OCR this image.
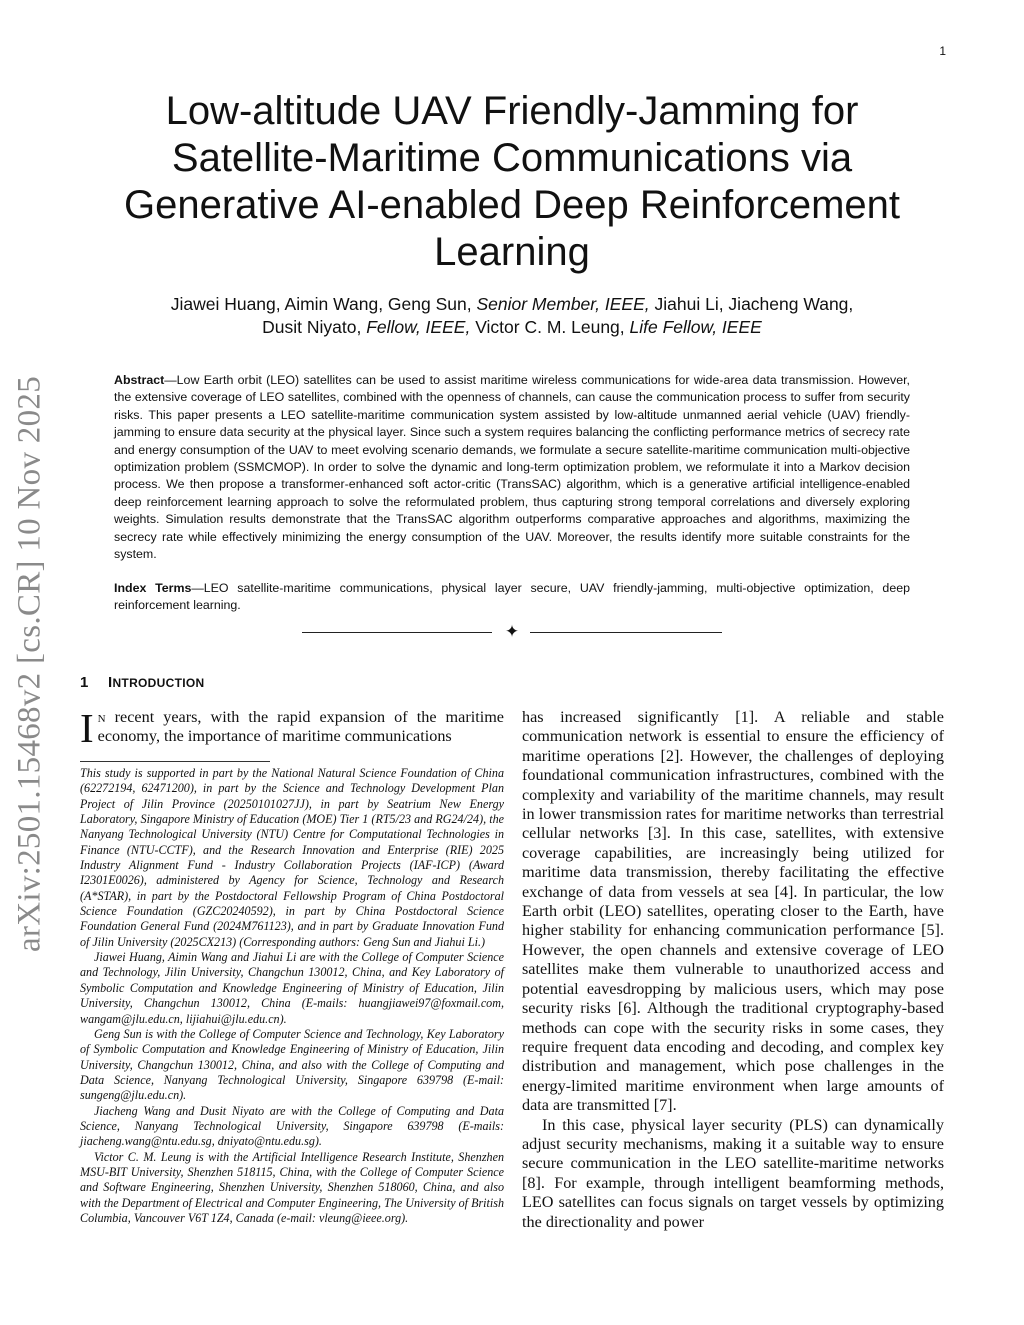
1
arXiv:2501.15468v2 [cs.CR] 10 Nov 2025
Low-altitude UAV Friendly-Jamming for
Satellite-Maritime Communications via
Generative AI-enabled Deep Reinforcement
Learning
Jiawei Huang, Aimin Wang, Geng Sun, Senior Member, IEEE, Jiahui Li, Jiacheng Wang,
Dusit Niyato, Fellow, IEEE, Victor C. M. Leung, Life Fellow, IEEE
Abstract—Low Earth orbit (LEO) satellites can be used to assist maritime wireless communications for wide-area data transmission. However, the extensive coverage of LEO satellites, combined with the openness of channels, can cause the communication process to suffer from security risks. This paper presents a LEO satellite-maritime communication system assisted by low-altitude unmanned aerial vehicle (UAV) friendly-jamming to ensure data security at the physical layer. Since such a system requires balancing the conflicting performance metrics of secrecy rate and energy consumption of the UAV to meet evolving scenario demands, we formulate a secure satellite-maritime communication multi-objective optimization problem (SSMCMOP). In order to solve the dynamic and long-term optimization problem, we reformulate it into a Markov decision process. We then propose a transformer-enhanced soft actor-critic (TransSAC) algorithm, which is a generative artificial intelligence-enabled deep reinforcement learning approach to solve the reformulated problem, thus capturing strong temporal correlations and diversely exploring weights. Simulation results demonstrate that the TransSAC algorithm outperforms comparative approaches and algorithms, maximizing the secrecy rate while effectively minimizing the energy consumption of the UAV. Moreover, the results identify more suitable constraints for the system.
Index Terms—LEO satellite-maritime communications, physical layer secure, UAV friendly-jamming, multi-objective optimization, deep reinforcement learning.
✦
1 INTRODUCTION
In recent years, with the rapid expansion of the maritime economy, the importance of maritime communications

This study is supported in part by the National Natural Science Foundation of China (62272194, 62471200), in part by the Science and Technology Development Plan Project of Jilin Province (20250101027JJ), in part by Seatrium New Energy Laboratory, Singapore Ministry of Education (MOE) Tier 1 (RT5/23 and RG24/24), the Nanyang Technological University (NTU) Centre for Computational Technologies in Finance (NTU-CCTF), and the Research Innovation and Enterprise (RIE) 2025 Industry Alignment Fund - Industry Collaboration Projects (IAF-ICP) (Award I2301E0026), administered by Agency for Science, Technology and Research (A*STAR), in part by the Postdoctoral Fellowship Program of China Postdoctoral Science Foundation (GZC20240592), in part by China Postdoctoral Science Foundation General Fund (2024M761123), and in part by Graduate Innovation Fund of Jilin University (2025CX213) (Corresponding authors: Geng Sun and Jiahui Li.)

Jiawei Huang, Aimin Wang and Jiahui Li are with the College of Computer Science and Technology, Jilin University, Changchun 130012, China, and Key Laboratory of Symbolic Computation and Knowledge Engineering of Ministry of Education, Jilin University, Changchun 130012, China (E-mails: huangjiawei97@foxmail.com, wangam@jlu.edu.cn, lijiahui@jlu.edu.cn).

Geng Sun is with the College of Computer Science and Technology, Key Laboratory of Symbolic Computation and Knowledge Engineering of Ministry of Education, Jilin University, Changchun 130012, China, and also with the College of Computing and Data Science, Nanyang Technological University, Singapore 639798 (E-mail: sungeng@jlu.edu.cn).

Jiacheng Wang and Dusit Niyato are with the College of Computing and Data Science, Nanyang Technological University, Singapore 639798 (E-mails: jiacheng.wang@ntu.edu.sg, dniyato@ntu.edu.sg).

Victor C. M. Leung is with the Artificial Intelligence Research Institute, Shenzhen MSU-BIT University, Shenzhen 518115, China, with the College of Computer Science and Software Engineering, Shenzhen University, Shenzhen 518060, China, and also with the Department of Electrical and Computer Engineering, The University of British Columbia, Vancouver V6T 1Z4, Canada (e-mail: vleung@ieee.org).

has increased significantly [1]. A reliable and stable communication network is essential to ensure the efficiency of maritime operations [2]. However, the challenges of deploying foundational communication infrastructures, combined with the complexity and variability of the maritime channels, may result in lower transmission rates for maritime networks than terrestrial cellular networks [3]. In this case, satellites, with extensive coverage capabilities, are increasingly being utilized for maritime data transmission, thereby facilitating the effective exchange of data from vessels at sea [4]. In particular, the low Earth orbit (LEO) satellites, operating closer to the Earth, have higher stability for enhancing communication performance [5]. However, the open channels and extensive coverage of LEO satellites make them vulnerable to unauthorized access and potential eavesdropping by malicious users, which may pose security risks [6]. Although the traditional cryptography-based methods can cope with the security risks in some cases, they require frequent data encoding and decoding, and complex key distribution and management, which pose challenges in the energy-limited maritime environment when large amounts of data are transmitted [7].

In this case, physical layer security (PLS) can dynamically adjust security mechanisms, making it a suitable way to ensure secure communication in the LEO satellite-maritime networks [8]. For example, through intelligent beamforming methods, LEO satellites can focus signals on target vessels by optimizing the directionality and power
